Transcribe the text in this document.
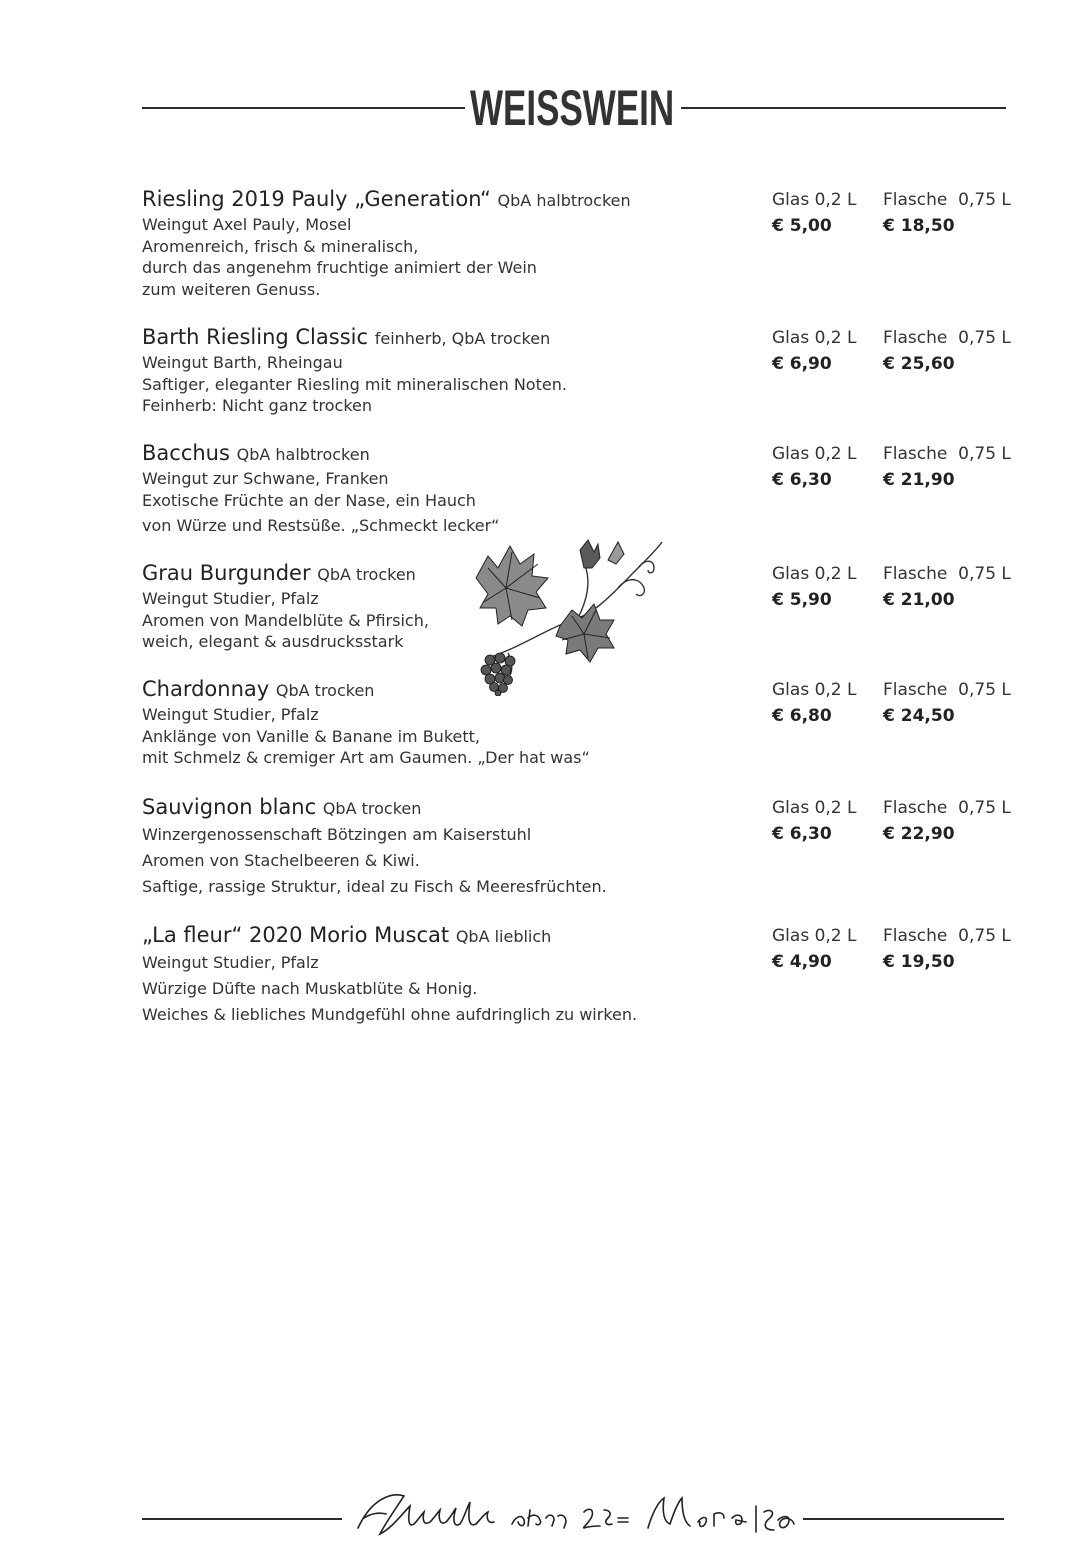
WEISSWEIN
Riesling 2019 Pauly „Generation“ QbA halbtrocken
Weingut Axel Pauly, Mosel
Aromenreich, frisch & mineralisch,
durch das angenehm fruchtige animiert der Wein
zum weiteren Genuss.
Glas 0,2 L
€ 5,00
Flasche  0,75 L
€ 18,50
Barth Riesling Classic feinherb, QbA trocken
Weingut Barth, Rheingau
Saftiger, eleganter Riesling mit mineralischen Noten.
Feinherb: Nicht ganz trocken
Glas 0,2 L
€ 6,90
Flasche  0,75 L
€ 25,60
Bacchus QbA halbtrocken
Weingut zur Schwane, Franken
Exotische Früchte an der Nase, ein Hauch
von Würze und Restsüße. „Schmeckt lecker“
Glas 0,2 L
€ 6,30
Flasche  0,75 L
€ 21,90
Grau Burgunder QbA trocken
Weingut Studier, Pfalz
Aromen von Mandelblüte & Pfirsich,
weich, elegant & ausdrucksstark
Glas 0,2 L
€ 5,90
Flasche  0,75 L
€ 21,00
Chardonnay QbA trocken
Weingut Studier, Pfalz
Anklänge von Vanille & Banane im Bukett,
mit Schmelz & cremiger Art am Gaumen. „Der hat was“
Glas 0,2 L
€ 6,80
Flasche  0,75 L
€ 24,50
Sauvignon blanc QbA trocken
Winzergenossenschaft Bötzingen am Kaiserstuhl
Aromen von Stachelbeeren & Kiwi.
Saftige, rassige Struktur, ideal zu Fisch & Meeresfrüchten.
Glas 0,2 L
€ 6,30
Flasche  0,75 L
€ 22,90
„La fleur“ 2020 Morio Muscat QbA lieblich
Weingut Studier, Pfalz
Würzige Düfte nach Muskatblüte & Honig.
Weiches & liebliches Mundgefühl ohne aufdringlich zu wirken.
Glas 0,2 L
€ 4,90
Flasche  0,75 L
€ 19,50
